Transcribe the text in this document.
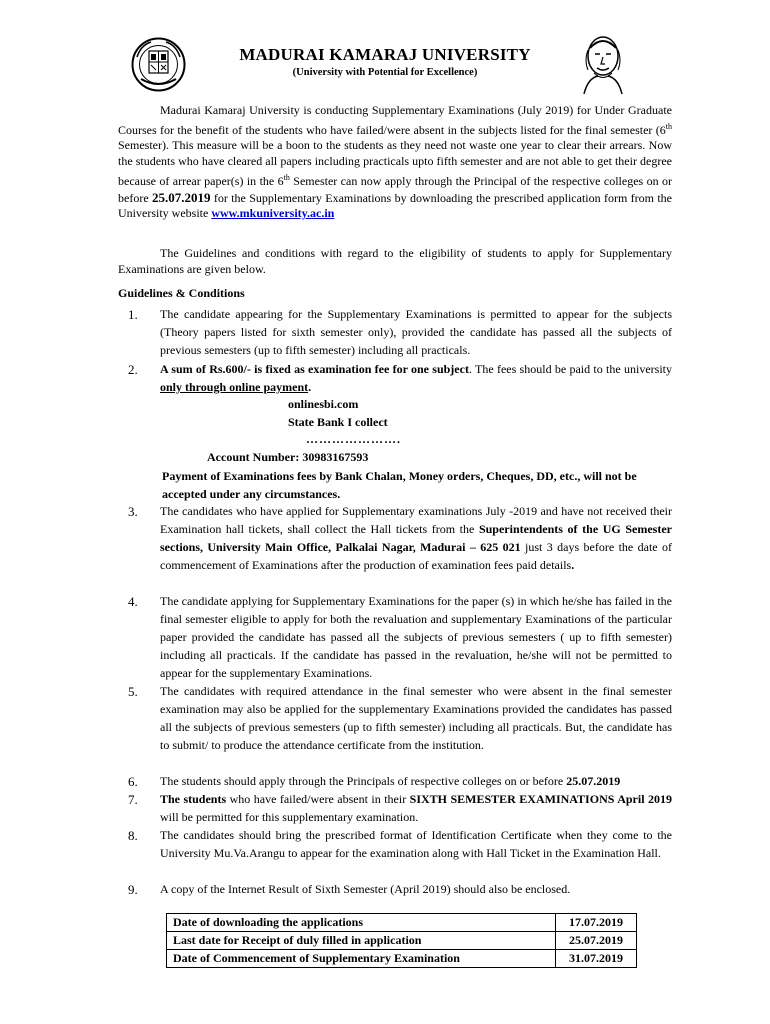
MADURAI KAMARAJ UNIVERSITY
(University with Potential for Excellence)

Madurai Kamaraj University is conducting Supplementary Examinations (July 2019) for Under Graduate Courses for the benefit of the students who have failed/were absent in the subjects listed for the final semester (6th Semester). This measure will be a boon to the students as they need not waste one year to clear their arrears. Now the students who have cleared all papers including practicals upto fifth semester and are not able to get their degree because of arrear paper(s) in the 6th Semester can now apply through the Principal of the respective colleges on or before 25.07.2019 for the Supplementary Examinations by downloading the prescribed application form from the University website www.mkuniversity.ac.in

The Guidelines and conditions with regard to the eligibility of students to apply for Supplementary Examinations are given below.

Guidelines & Conditions
1.	The candidate appearing for the Supplementary Examinations is permitted to appear for the subjects (Theory papers listed for sixth semester only), provided the candidate has passed all the subjects of previous semesters (up to fifth semester) including all practicals.
2.	A sum of Rs.600/- is fixed as examination fee for one subject. The fees should be paid to the university only through online payment.
onlinesbi.com
State Bank I collect
………………….
Account Number: 30983167593
Payment of Examinations fees by Bank Chalan, Money orders, Cheques, DD, etc., will not be accepted under any circumstances.
3.	The candidates who have applied for Supplementary examinations July -2019 and have not received their Examination hall tickets, shall collect the Hall tickets from the Superintendents of the UG Semester sections, University Main Office, Palkalai Nagar, Madurai – 625 021 just 3 days before the date of commencement of Examinations after the production of examination fees paid details.
4.	The candidate applying for Supplementary Examinations for the paper (s) in which he/she has failed in the final semester eligible to apply for both the revaluation and supplementary Examinations of the particular paper provided the candidate has passed all the subjects of previous semesters ( up to fifth semester) including all practicals. If the candidate has passed in the revaluation, he/she will not be permitted to appear for the supplementary Examinations.
5.	The candidates with required attendance in the final semester who were absent in the final semester examination may also be applied for the supplementary Examinations provided the candidates has passed all the subjects of previous semesters (up to fifth semester) including all practicals. But, the candidate has to submit/ to produce the attendance certificate from the institution.
6.	The students should apply through the Principals of respective colleges on or before 25.07.2019
7.	The students who have failed/were absent in their SIXTH SEMESTER EXAMINATIONS April 2019 will be permitted for this supplementary examination.
8.	The candidates should bring the prescribed format of Identification Certificate when they come to the University Mu.Va.Arangu to appear for the examination along with Hall Ticket in the Examination Hall.
9.	A copy of the Internet Result of Sixth Semester (April 2019) should also be enclosed.
Date of downloading the applications	17.07.2019
Last date for Receipt of duly filled in application	25.07.2019
Date of Commencement of Supplementary Examination	31.07.2019
